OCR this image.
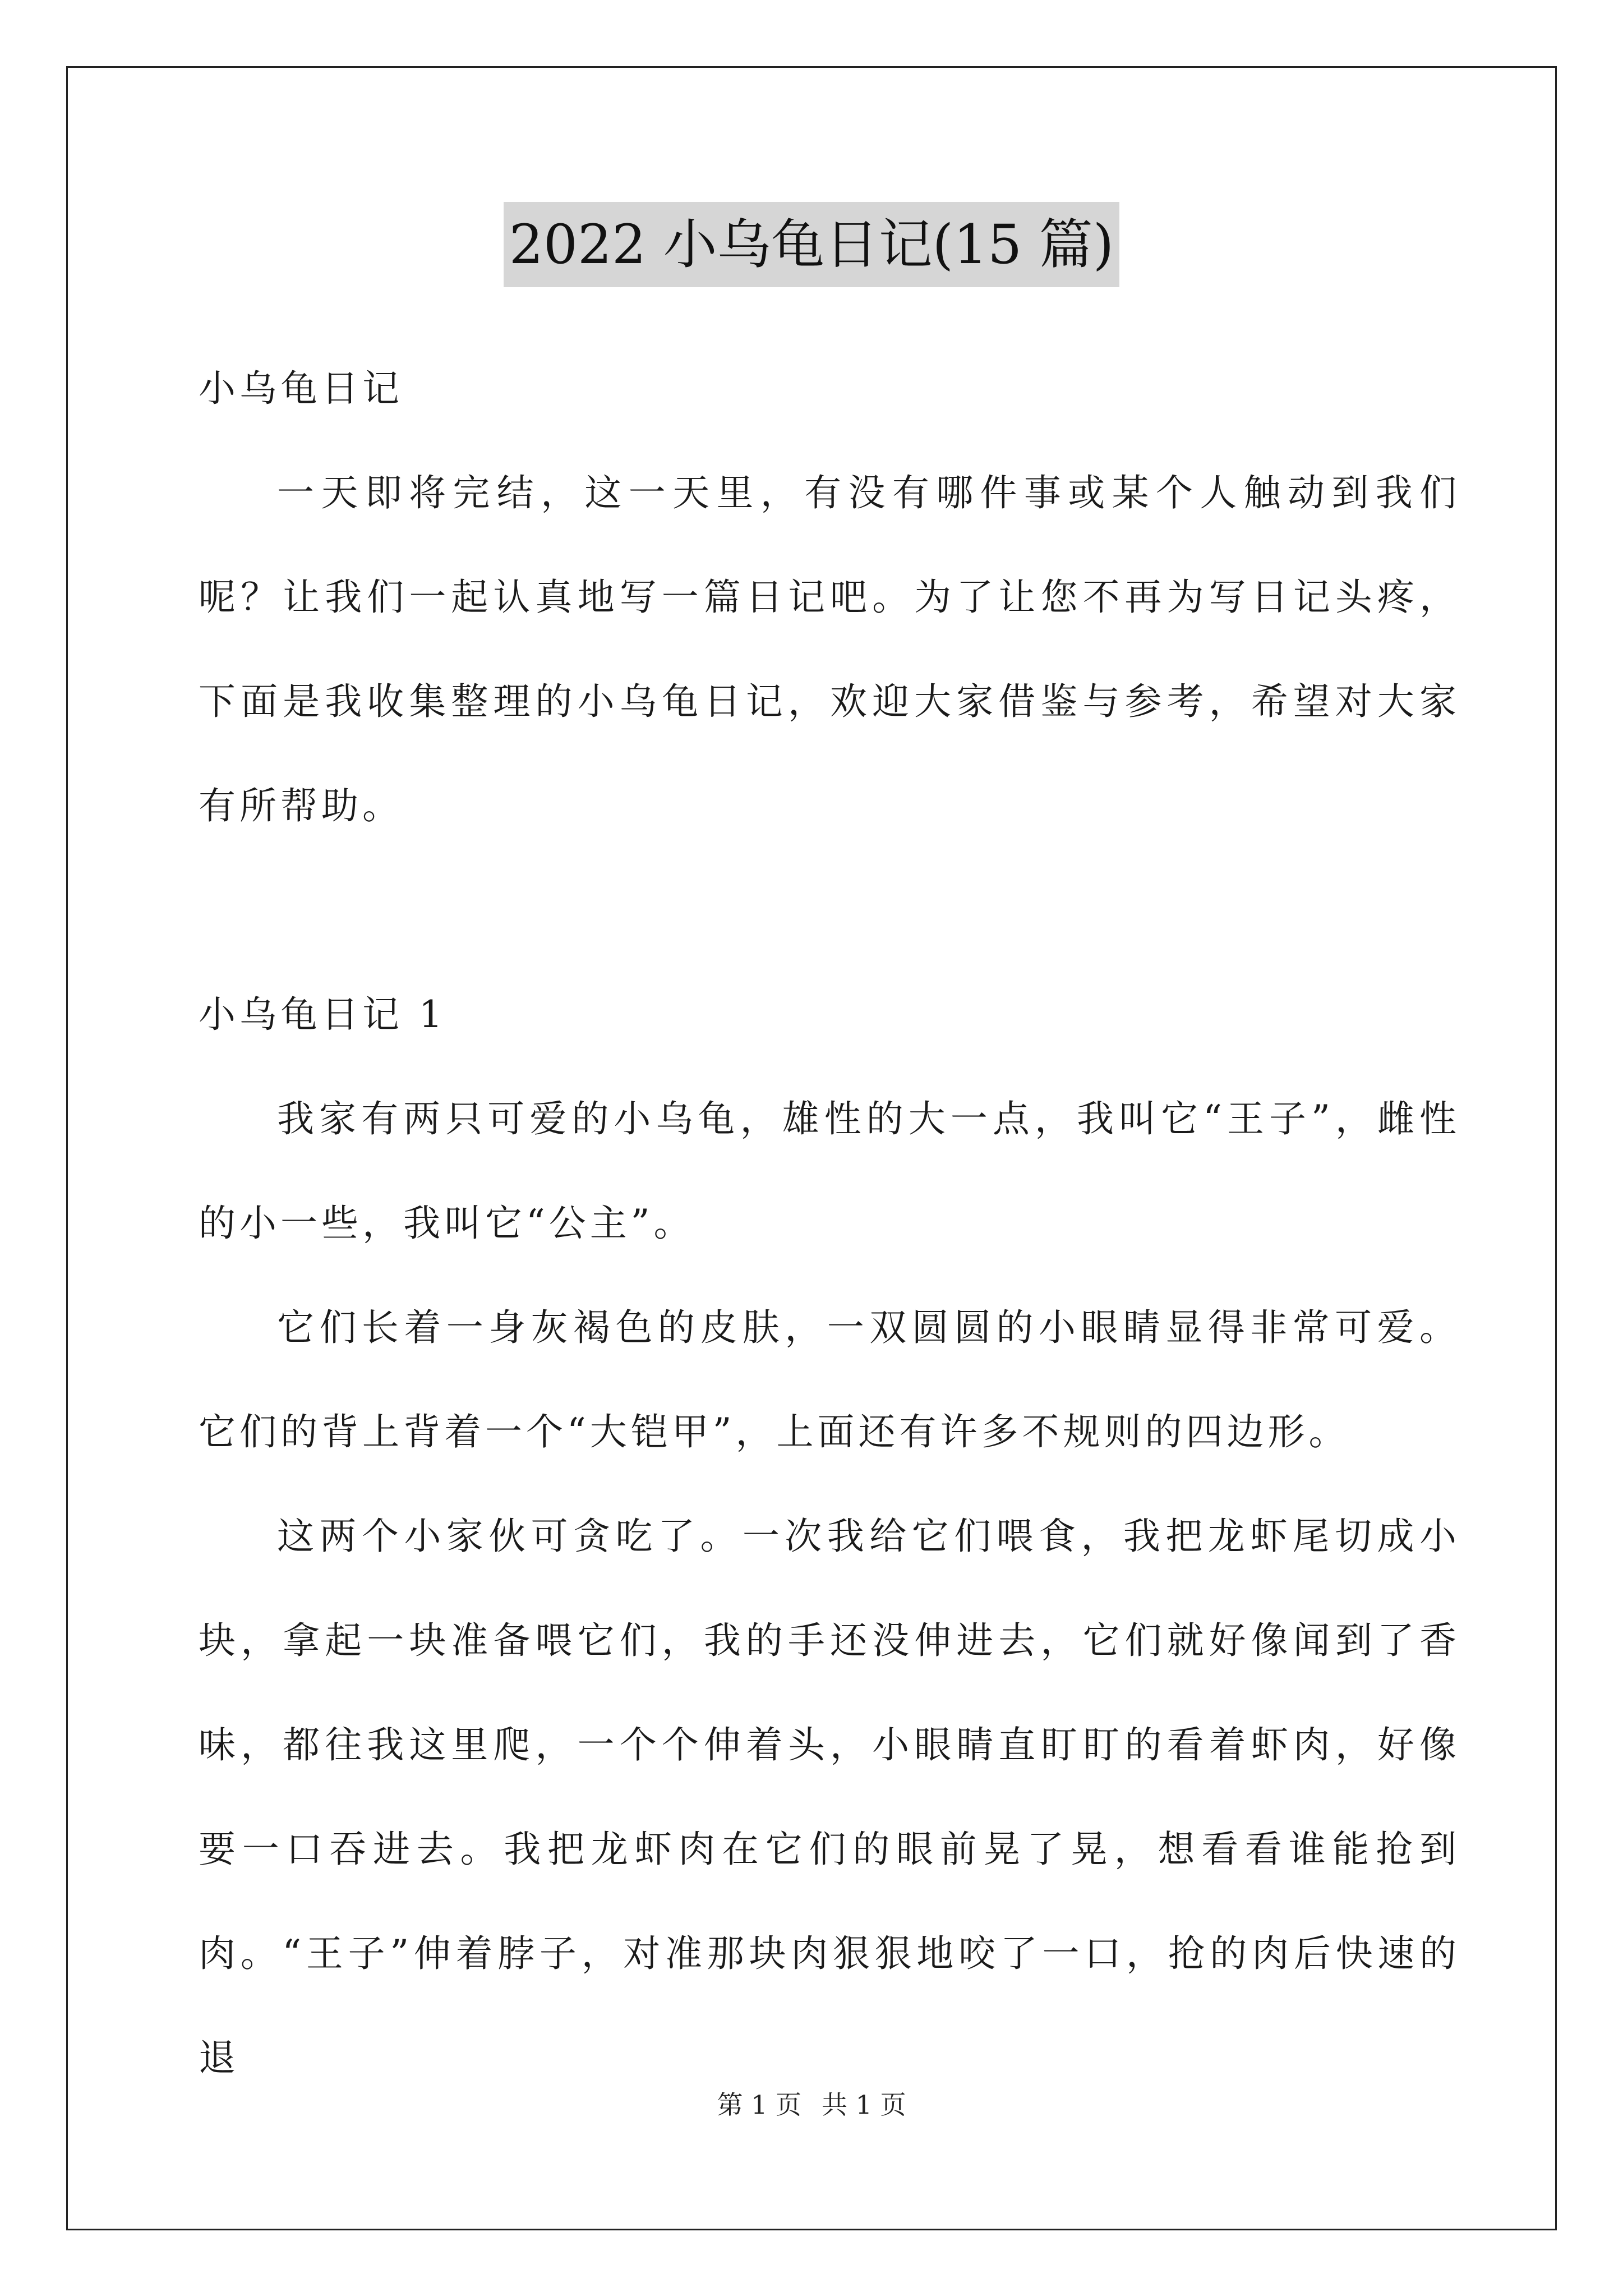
2022 小乌龟日记(15 篇)

小乌龟日记

一天即将完结，这一天里，有没有哪件事或某个人触动到我们呢？让我们一起认真地写一篇日记吧。为了让您不再为写日记头疼，下面是我收集整理的小乌龟日记，欢迎大家借鉴与参考，希望对大家有所帮助。

小乌龟日记 1

我家有两只可爱的小乌龟，雄性的大一点，我叫它“王子”，雌性的小一些，我叫它“公主”。

它们长着一身灰褐色的皮肤，一双圆圆的小眼睛显得非常可爱。它们的背上背着一个“大铠甲”，上面还有许多不规则的四边形。

这两个小家伙可贪吃了。一次我给它们喂食，我把龙虾尾切成小块，拿起一块准备喂它们，我的手还没伸进去，它们就好像闻到了香味，都往我这里爬，一个个伸着头，小眼睛直盯盯的看着虾肉，好像要一口吞进去。我把龙虾肉在它们的眼前晃了晃，想看看谁能抢到肉。“王子”伸着脖子，对准那块肉狠狠地咬了一口，抢的肉后快速的退

第 1 页 共 1 页
